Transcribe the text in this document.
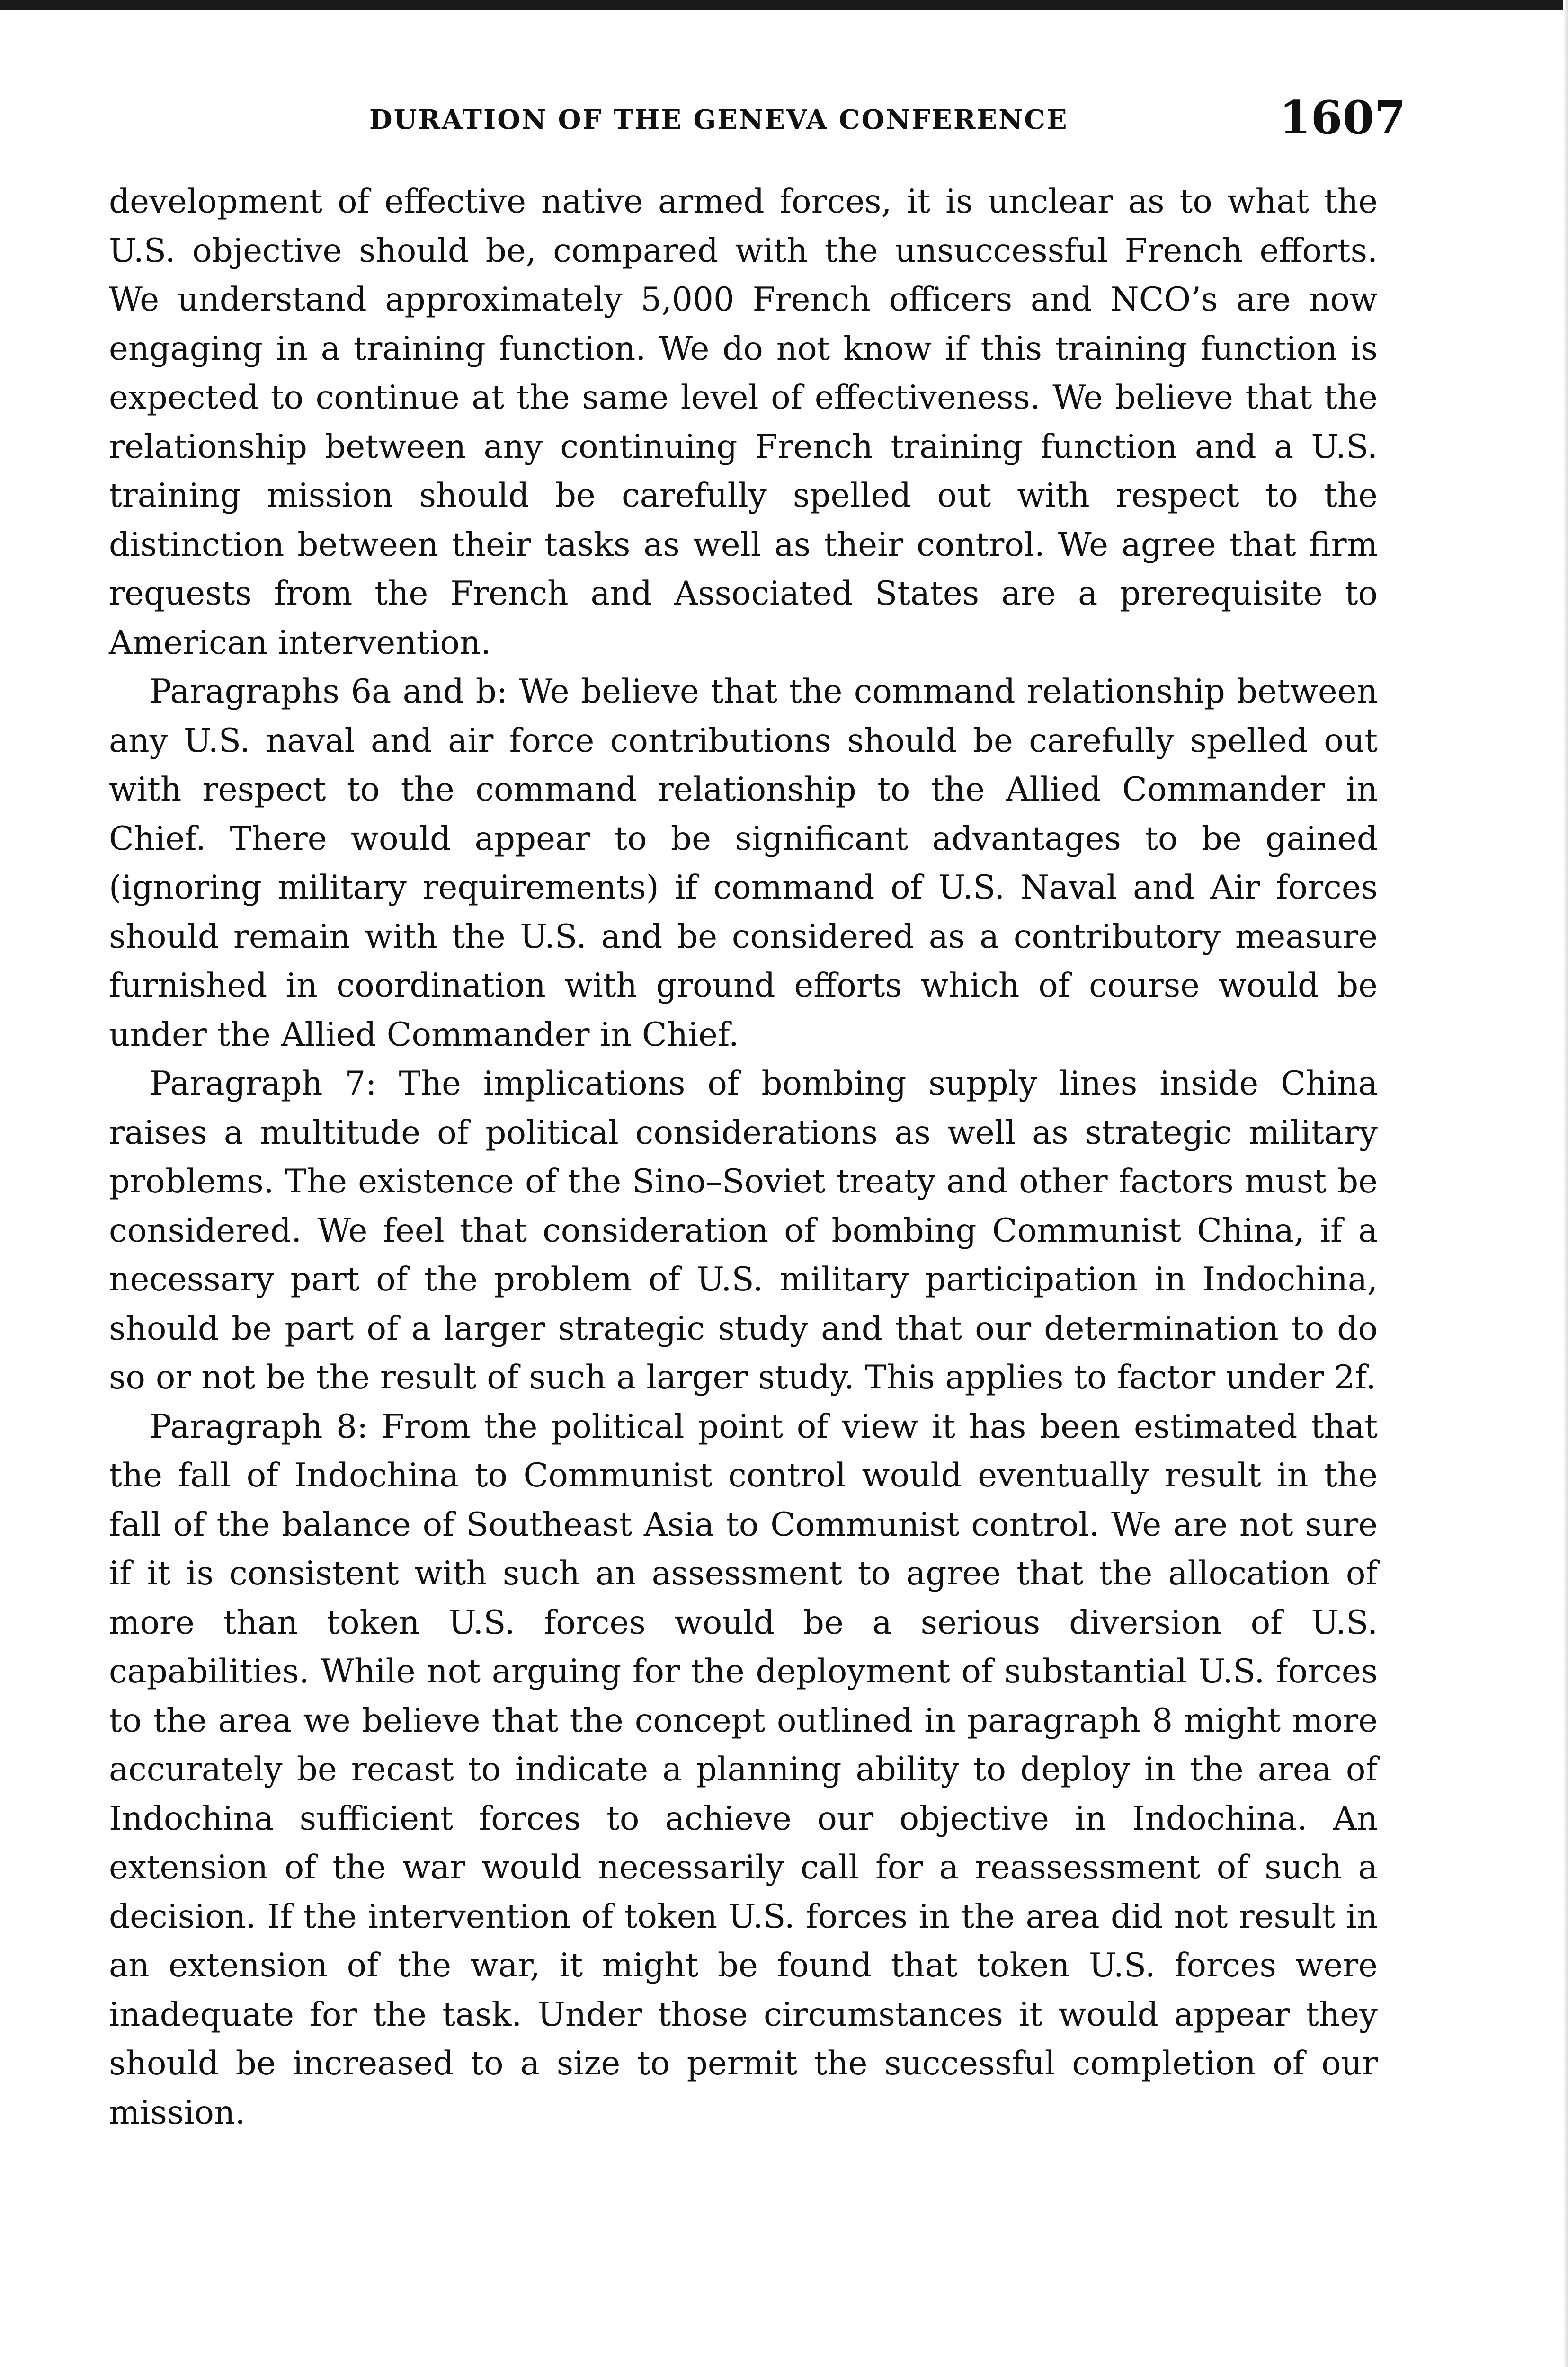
DURATION OF THE GENEVA CONFERENCE	1607

development of effective native armed forces, it is unclear as to what the U.S. objective should be, compared with the unsuccessful French efforts. We understand approximately 5,000 French officers and NCO’s are now engaging in a training function. We do not know if this training function is expected to continue at the same level of effectiveness. We believe that the relationship between any continuing French training function and a U.S. training mission should be carefully spelled out with respect to the distinction between their tasks as well as their control. We agree that firm requests from the French and Associated States are a prerequisite to American intervention.

Paragraphs 6a and b: We believe that the command relationship between any U.S. naval and air force contributions should be carefully spelled out with respect to the command relationship to the Allied Commander in Chief. There would appear to be significant advantages to be gained (ignoring military requirements) if command of U.S. Naval and Air forces should remain with the U.S. and be considered as a contributory measure furnished in coordination with ground efforts which of course would be under the Allied Commander in Chief.

Paragraph 7: The implications of bombing supply lines inside China raises a multitude of political considerations as well as strategic military problems. The existence of the Sino–Soviet treaty and other factors must be considered. We feel that consideration of bombing Communist China, if a necessary part of the problem of U.S. military participation in Indochina, should be part of a larger strategic study and that our determination to do so or not be the result of such a larger study. This applies to factor under 2f.

Paragraph 8: From the political point of view it has been estimated that the fall of Indochina to Communist control would eventually result in the fall of the balance of Southeast Asia to Communist control. We are not sure if it is consistent with such an assessment to agree that the allocation of more than token U.S. forces would be a serious diversion of U.S. capabilities. While not arguing for the deployment of substantial U.S. forces to the area we believe that the concept outlined in paragraph 8 might more accurately be recast to indicate a planning ability to deploy in the area of Indochina sufficient forces to achieve our objective in Indochina. An extension of the war would necessarily call for a reassessment of such a decision. If the intervention of token U.S. forces in the area did not result in an extension of the war, it might be found that token U.S. forces were inadequate for the task. Under those circumstances it would appear they should be increased to a size to permit the successful completion of our mission.
